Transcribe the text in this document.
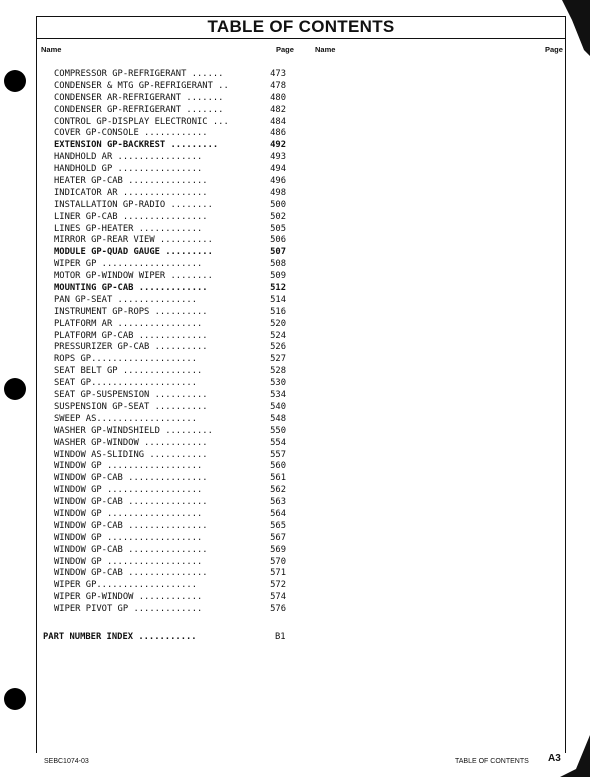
TABLE OF CONTENTS
Name	Page	Name	Page
COMPRESSOR GP-REFRIGERANT ......	473
CONDENSER & MTG GP-REFRIGERANT ..	478
CONDENSER AR-REFRIGERANT .......	480
CONDENSER GP-REFRIGERANT .......	482
CONTROL GP-DISPLAY ELECTRONIC ...	484
COVER GP-CONSOLE ............	486
EXTENSION GP-BACKREST .........	492
HANDHOLD AR ................	493
HANDHOLD GP ................	494
HEATER GP-CAB ...............	496
INDICATOR AR ................	498
INSTALLATION GP-RADIO ........	500
LINER GP-CAB ................	502
LINES GP-HEATER ............	505
MIRROR GP-REAR VIEW ..........	506
MODULE GP-QUAD GAUGE .........	507
WIPER GP ...................	508
MOTOR GP-WINDOW WIPER ........	509
MOUNTING GP-CAB .............	512
PAN GP-SEAT ...............	514
INSTRUMENT GP-ROPS ..........	516
PLATFORM AR ................	520
PLATFORM GP-CAB .............	524
PRESSURIZER GP-CAB ..........	526
ROPS GP....................	527
SEAT BELT GP ...............	528
SEAT GP....................	530
SEAT GP-SUSPENSION ..........	534
SUSPENSION GP-SEAT ..........	540
SWEEP AS...................	548
WASHER GP-WINDSHIELD .........	550
WASHER GP-WINDOW ............	554
WINDOW AS-SLIDING ...........	557
WINDOW GP ..................	560
WINDOW GP-CAB ...............	561
WINDOW GP ..................	562
WINDOW GP-CAB ...............	563
WINDOW GP ..................	564
WINDOW GP-CAB ...............	565
WINDOW GP ..................	567
WINDOW GP-CAB ...............	569
WINDOW GP ..................	570
WINDOW GP-CAB ...............	571
WIPER GP...................	572
WIPER GP-WINDOW ............	574
WIPER PIVOT GP .............	576
PART NUMBER INDEX ...........	B1
SEBC1074-03	TABLE OF CONTENTS A3
